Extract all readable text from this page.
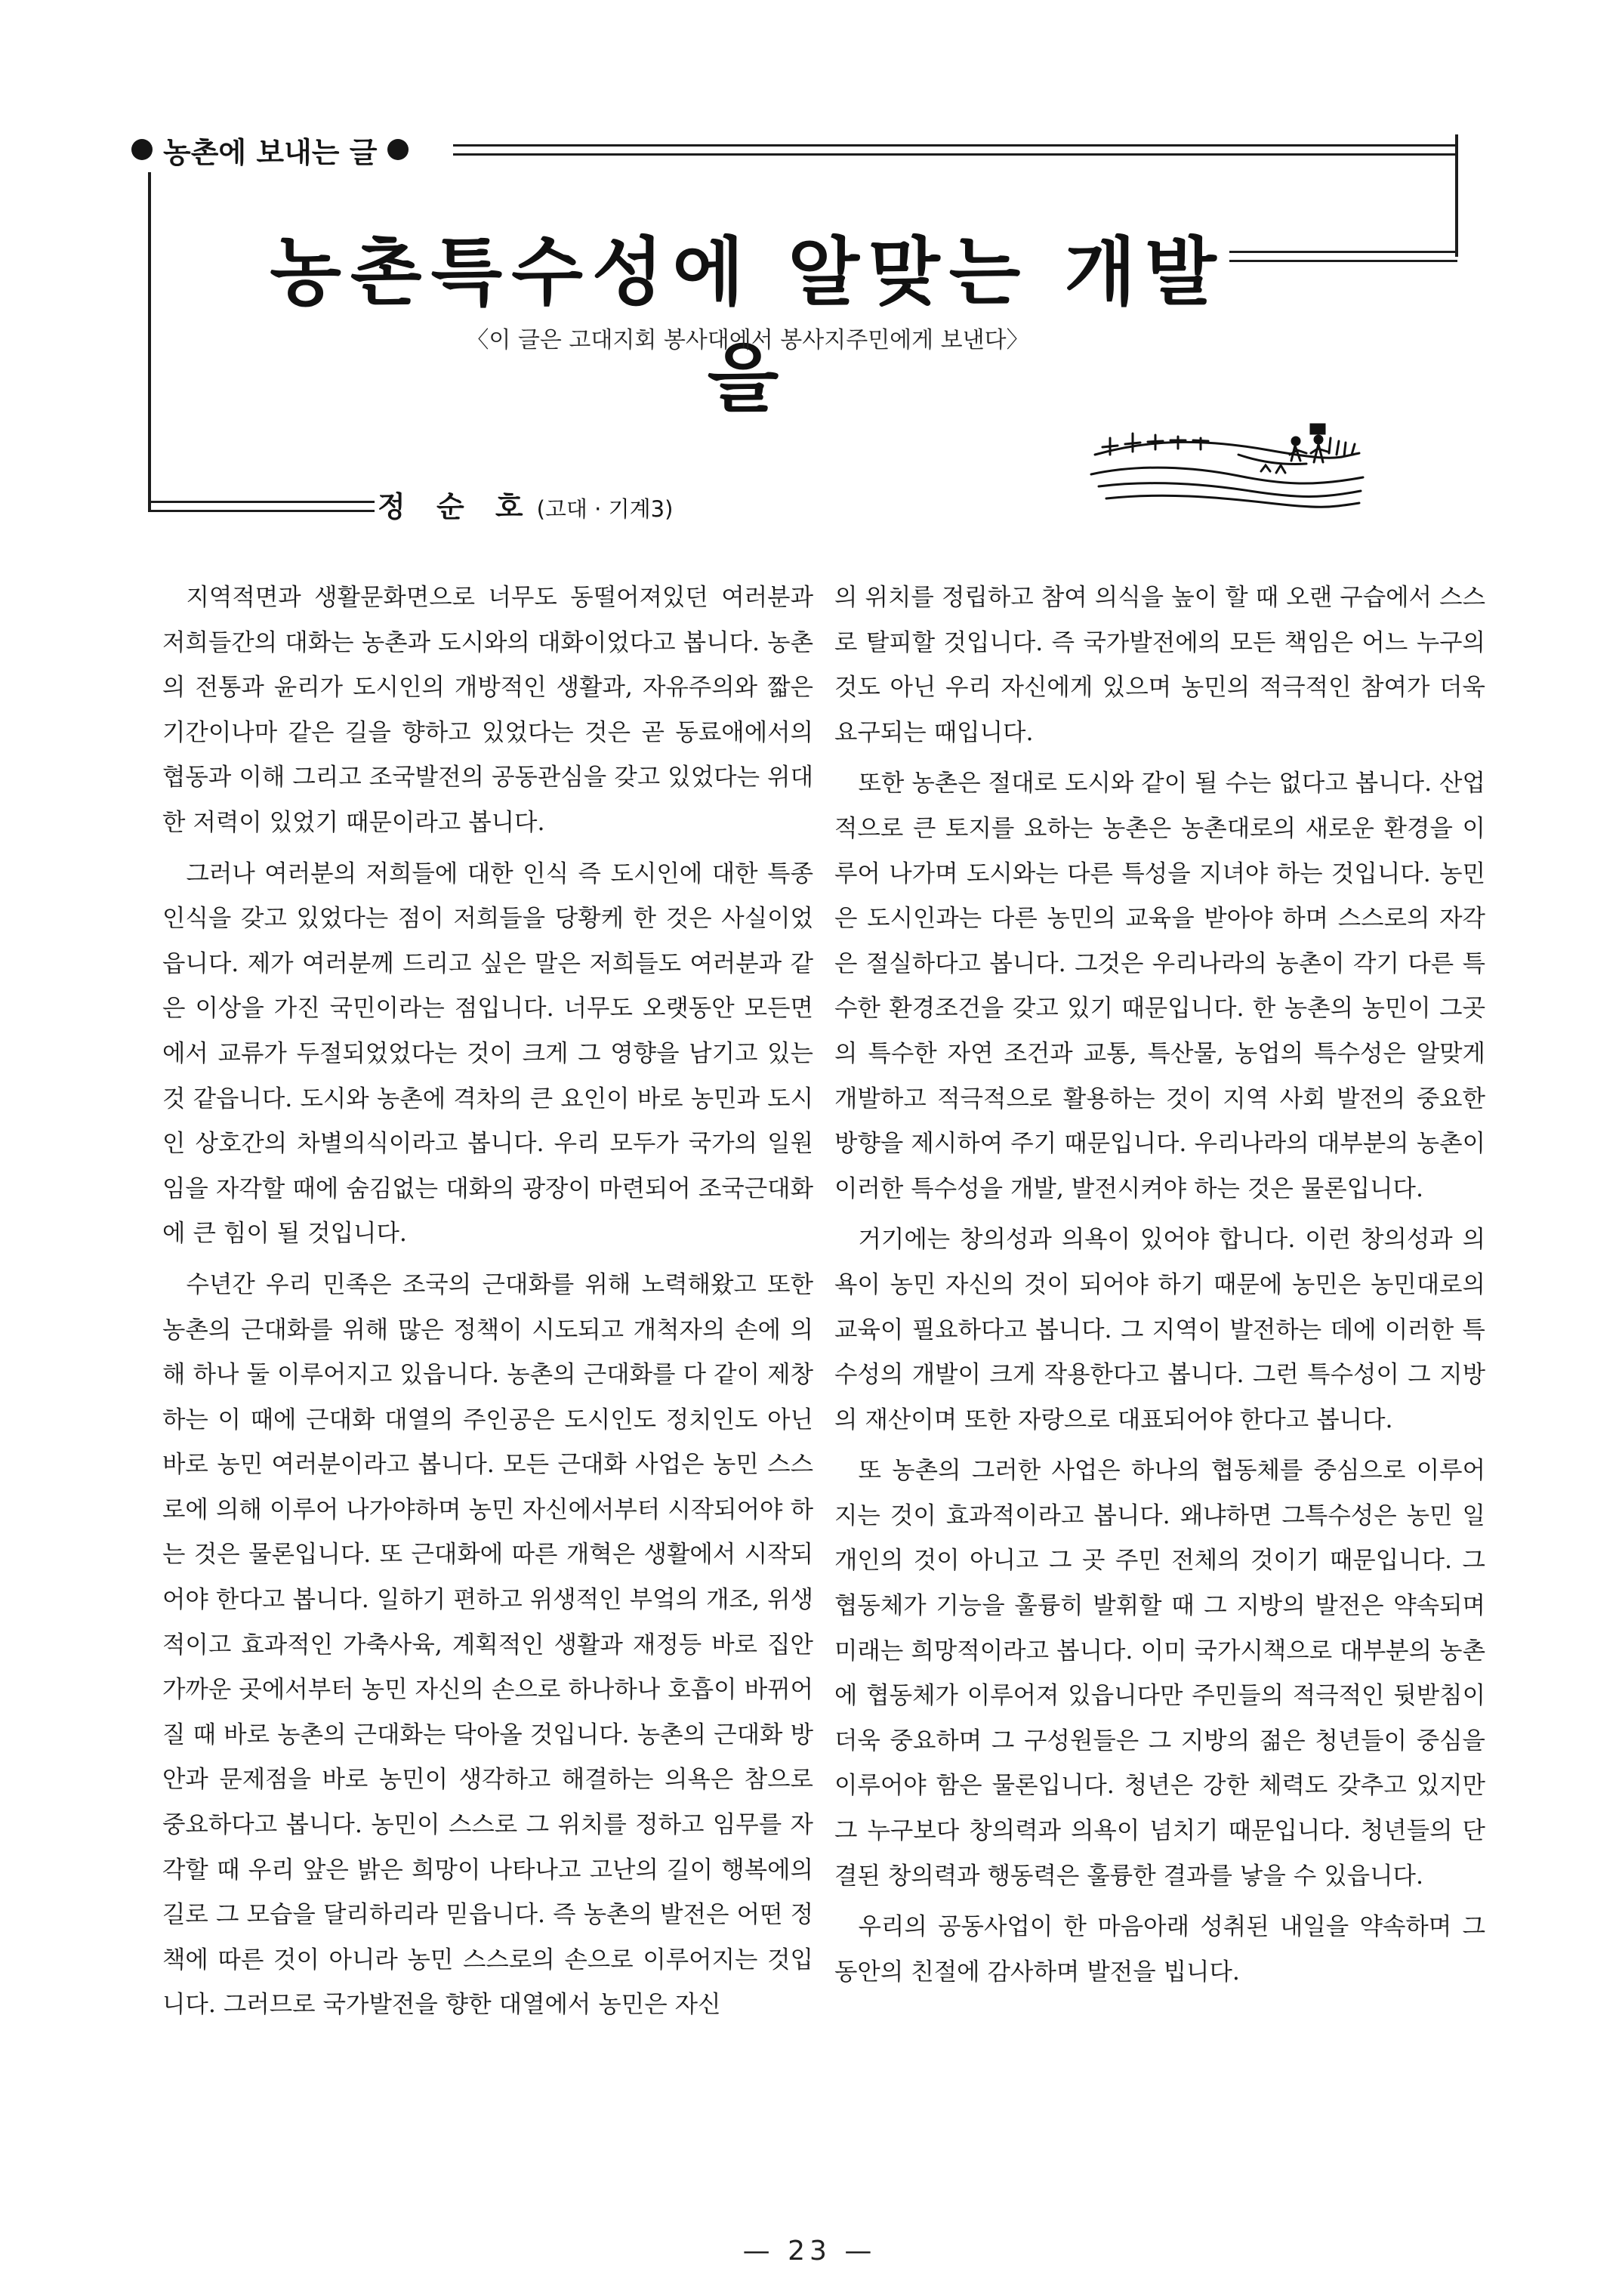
농촌에 보내는 글
농촌특수성에 알맞는 개발을
〈이 글은 고대지회 봉사대에서 봉사지주민에게 보낸다〉
정 순 호 (고대 · 기계3)

지역적면과 생활문화면으로 너무도 동떨어져있던 여러분과 저희들간의 대화는 농촌과 도시와의 대화이었다고 봅니다. 농촌의 전통과 윤리가 도시인의 개방적인 생활과, 자유주의와 짧은 기간이나마 같은 길을 향하고 있었다는 것은 곧 동료애에서의 협동과 이해 그리고 조국발전의 공동관심을 갖고 있었다는 위대한 저력이 있었기 때문이라고 봅니다.

그러나 여러분의 저희들에 대한 인식 즉 도시인에 대한 특종인식을 갖고 있었다는 점이 저희들을 당황케 한 것은 사실이었읍니다. 제가 여러분께 드리고 싶은 말은 저희들도 여러분과 같은 이상을 가진 국민이라는 점입니다. 너무도 오랫동안 모든면에서 교류가 두절되었었다는 것이 크게 그 영향을 남기고 있는 것 같읍니다. 도시와 농촌에 격차의 큰 요인이 바로 농민과 도시인 상호간의 차별의식이라고 봅니다. 우리 모두가 국가의 일원임을 자각할 때에 숨김없는 대화의 광장이 마련되어 조국근대화에 큰 힘이 될 것입니다.

수년간 우리 민족은 조국의 근대화를 위해 노력해왔고 또한 농촌의 근대화를 위해 많은 정책이 시도되고 개척자의 손에 의해 하나 둘 이루어지고 있읍니다. 농촌의 근대화를 다 같이 제창하는 이 때에 근대화 대열의 주인공은 도시인도 정치인도 아닌 바로 농민 여러분이라고 봅니다. 모든 근대화 사업은 농민 스스로에 의해 이루어 나가야하며 농민 자신에서부터 시작되어야 하는 것은 물론입니다. 또 근대화에 따른 개혁은 생활에서 시작되어야 한다고 봅니다. 일하기 편하고 위생적인 부엌의 개조, 위생적이고 효과적인 가축사육, 계획적인 생활과 재정등 바로 집안 가까운 곳에서부터 농민 자신의 손으로 하나하나 호흡이 바뀌어질 때 바로 농촌의 근대화는 닥아올 것입니다. 농촌의 근대화 방안과 문제점을 바로 농민이 생각하고 해결하는 의욕은 참으로 중요하다고 봅니다. 농민이 스스로 그 위치를 정하고 임무를 자각할 때 우리 앞은 밝은 희망이 나타나고 고난의 길이 행복에의 길로 그 모습을 달리하리라 믿읍니다. 즉 농촌의 발전은 어떤 정책에 따른 것이 아니라 농민 스스로의 손으로 이루어지는 것입니다. 그러므로 국가발전을 향한 대열에서 농민은 자신

의 위치를 정립하고 참여 의식을 높이 할 때 오랜 구습에서 스스로 탈피할 것입니다. 즉 국가발전에의 모든 책임은 어느 누구의 것도 아닌 우리 자신에게 있으며 농민의 적극적인 참여가 더욱 요구되는 때입니다.

또한 농촌은 절대로 도시와 같이 될 수는 없다고 봅니다. 산업적으로 큰 토지를 요하는 농촌은 농촌대로의 새로운 환경을 이루어 나가며 도시와는 다른 특성을 지녀야 하는 것입니다. 농민은 도시인과는 다른 농민의 교육을 받아야 하며 스스로의 자각은 절실하다고 봅니다. 그것은 우리나라의 농촌이 각기 다른 특수한 환경조건을 갖고 있기 때문입니다. 한 농촌의 농민이 그곳의 특수한 자연 조건과 교통, 특산물, 농업의 특수성은 알맞게 개발하고 적극적으로 활용하는 것이 지역 사회 발전의 중요한 방향을 제시하여 주기 때문입니다. 우리나라의 대부분의 농촌이 이러한 특수성을 개발, 발전시켜야 하는 것은 물론입니다.

거기에는 창의성과 의욕이 있어야 합니다. 이런 창의성과 의욕이 농민 자신의 것이 되어야 하기 때문에 농민은 농민대로의 교육이 필요하다고 봅니다. 그 지역이 발전하는 데에 이러한 특수성의 개발이 크게 작용한다고 봅니다. 그런 특수성이 그 지방의 재산이며 또한 자랑으로 대표되어야 한다고 봅니다.

또 농촌의 그러한 사업은 하나의 협동체를 중심으로 이루어지는 것이 효과적이라고 봅니다. 왜냐하면 그특수성은 농민 일개인의 것이 아니고 그 곳 주민 전체의 것이기 때문입니다. 그 협동체가 기능을 훌륭히 발휘할 때 그 지방의 발전은 약속되며 미래는 희망적이라고 봅니다. 이미 국가시책으로 대부분의 농촌에 협동체가 이루어져 있읍니다만 주민들의 적극적인 뒷받침이 더욱 중요하며 그 구성원들은 그 지방의 젊은 청년들이 중심을 이루어야 함은 물론입니다. 청년은 강한 체력도 갖추고 있지만 그 누구보다 창의력과 의욕이 넘치기 때문입니다. 청년들의 단결된 창의력과 행동력은 훌륭한 결과를 낳을 수 있읍니다.

우리의 공동사업이 한 마음아래 성취된 내일을 약속하며 그 동안의 친절에 감사하며 발전을 빕니다.

— 23 —
